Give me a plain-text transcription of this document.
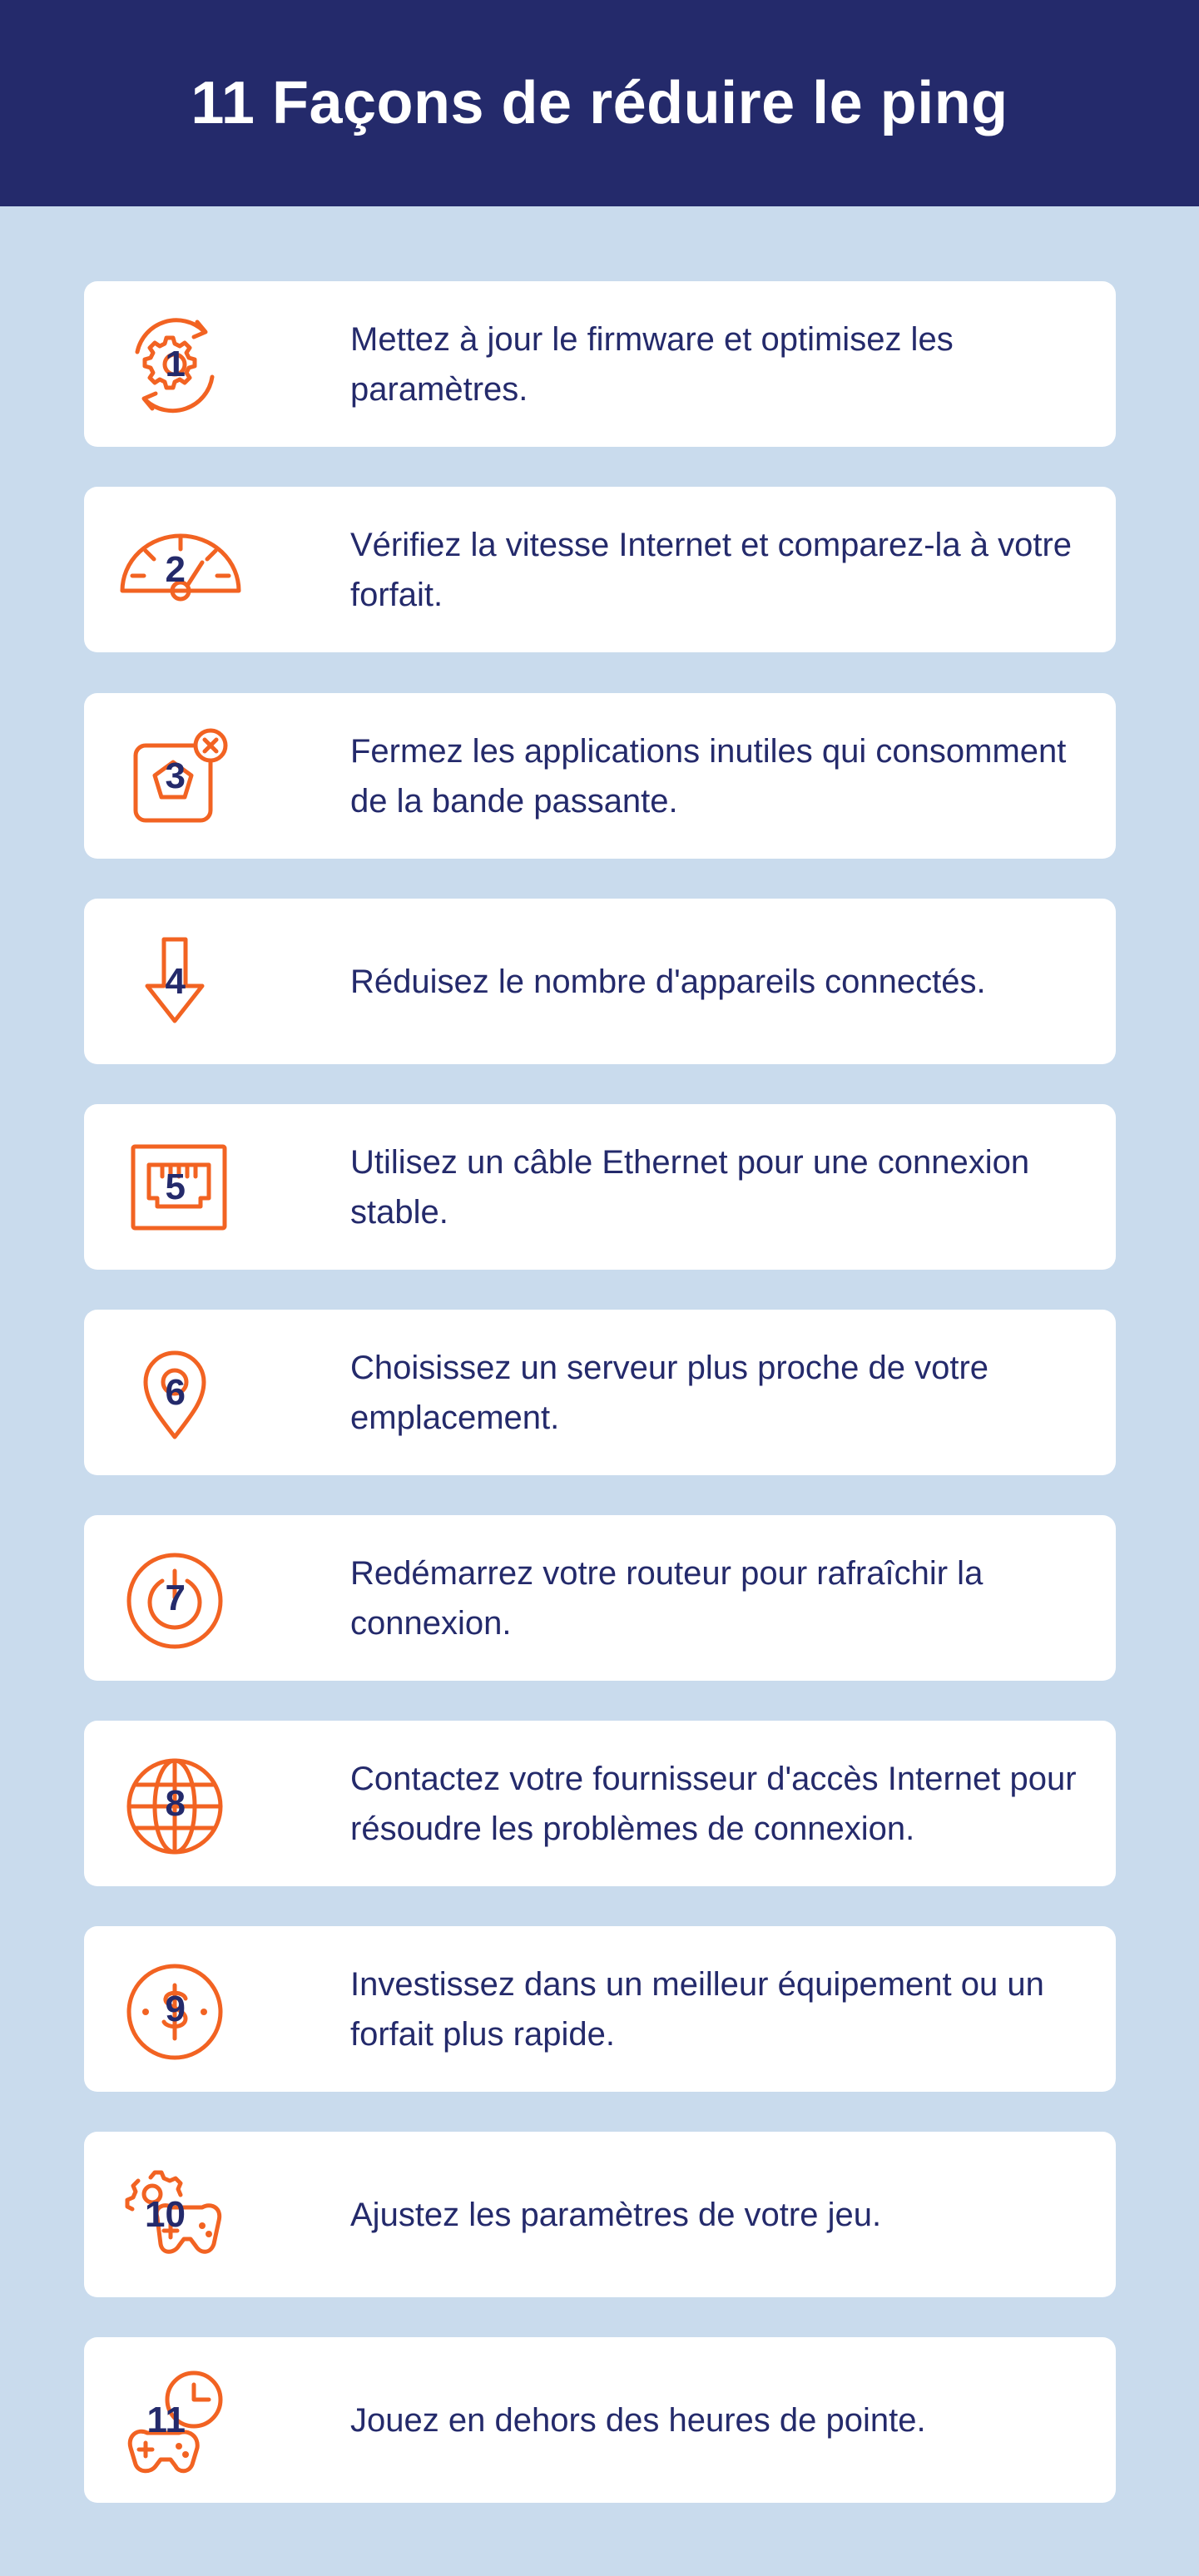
11 Façons de réduire le ping
1
Mettez à jour le firmware et optimisez les paramètres.
2
Vérifiez la vitesse Internet et comparez-la à votre forfait.
3
Fermez les applications inutiles qui consomment de la bande passante.
4	Réduisez le nombre d'appareils connectés.
5
Utilisez un câble Ethernet pour une connexion stable.
6
Choisissez un serveur plus proche de votre emplacement.
7
Redémarrez votre routeur pour rafraîchir la connexion.
8
Contactez votre fournisseur d'accès Internet pour résoudre les problèmes de connexion.
9
Investissez dans un meilleur équipement ou un forfait plus rapide.
10	Ajustez les paramètres de votre jeu.
11	Jouez en dehors des heures de pointe.
